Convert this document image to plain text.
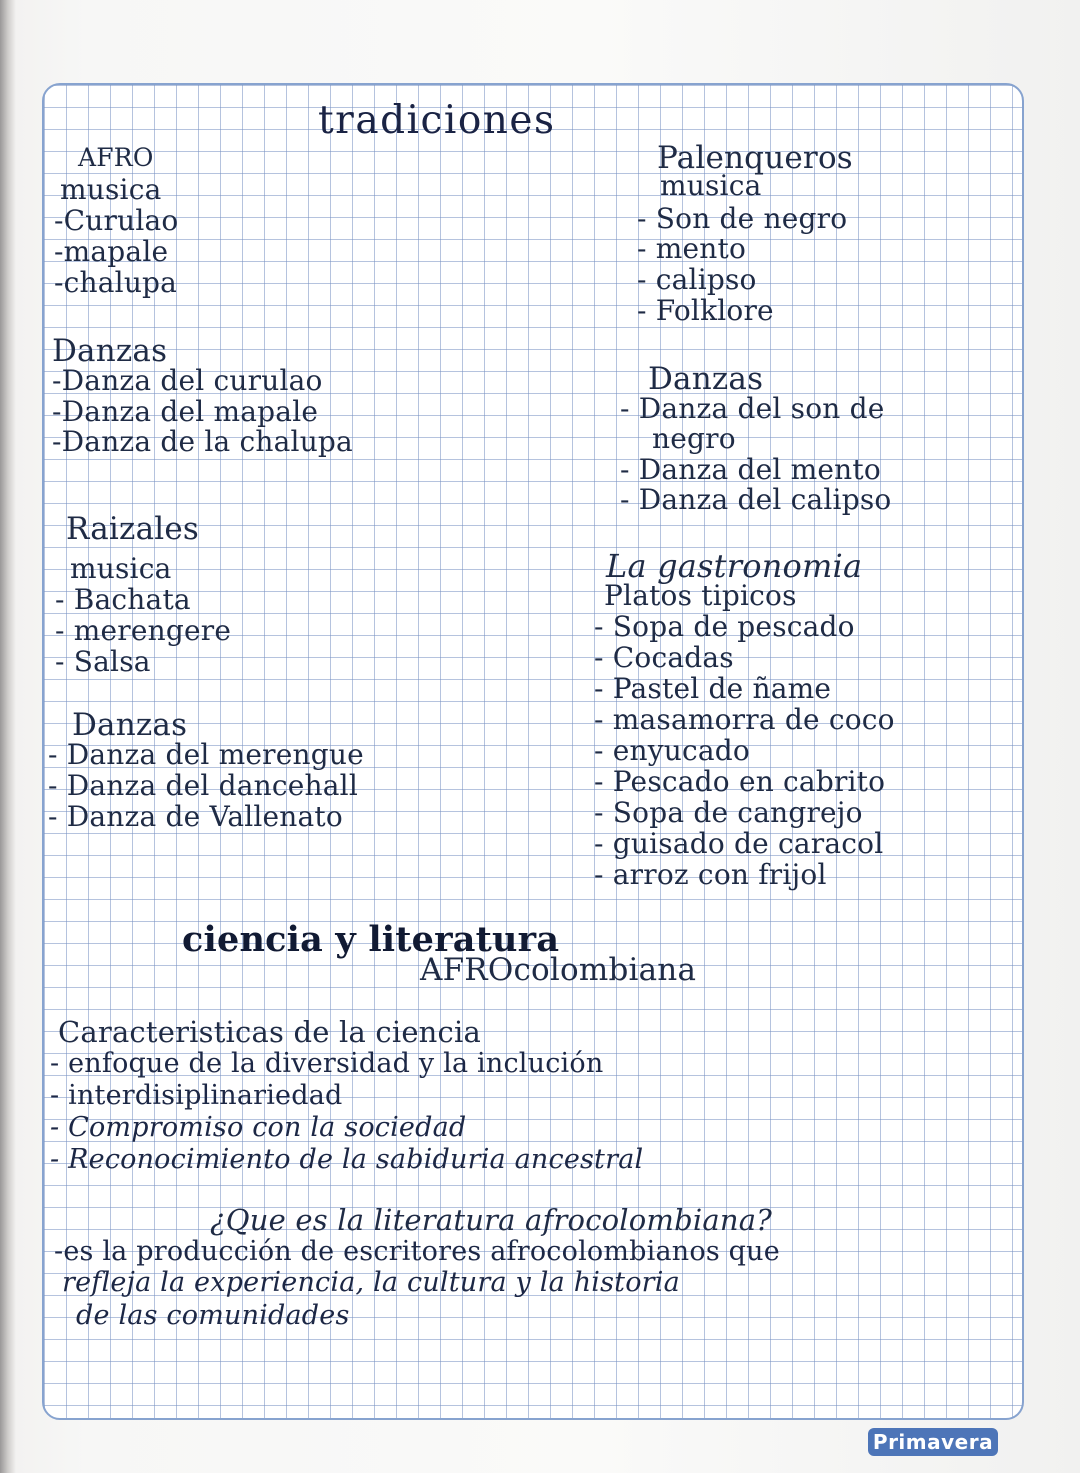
tradiciones
AFRO
musica
-Curulao
-mapale
-chalupa
Danzas
-Danza del curulao
-Danza del mapale
-Danza de la chalupa
Raizales
musica
- Bachata
- merengere
- Salsa
Danzas
- Danza del merengue
- Danza del dancehall
- Danza de Vallenato
Palenqueros
musica
- Son de negro
- mento
- calipso
- Folklore
Danzas
- Danza del son de
negro
- Danza del mento
- Danza del calipso
La gastronomia
Platos tipicos
- Sopa de pescado
- Cocadas
- Pastel de ñame
- masamorra de coco
- enyucado
- Pescado en cabrito
- Sopa de cangrejo
- guisado de caracol
- arroz con frijol
ciencia y literatura
AFROcolombiana
Caracteristicas de la ciencia
- enfoque de la diversidad y la inclución
- interdisiplinariedad
- Compromiso con la sociedad
- Reconocimiento de la sabiduria ancestral
¿Que es la literatura afrocolombiana?
-es la producción de escritores afrocolombianos que
refleja la experiencia, la cultura y la historia
de las comunidades
Primavera
